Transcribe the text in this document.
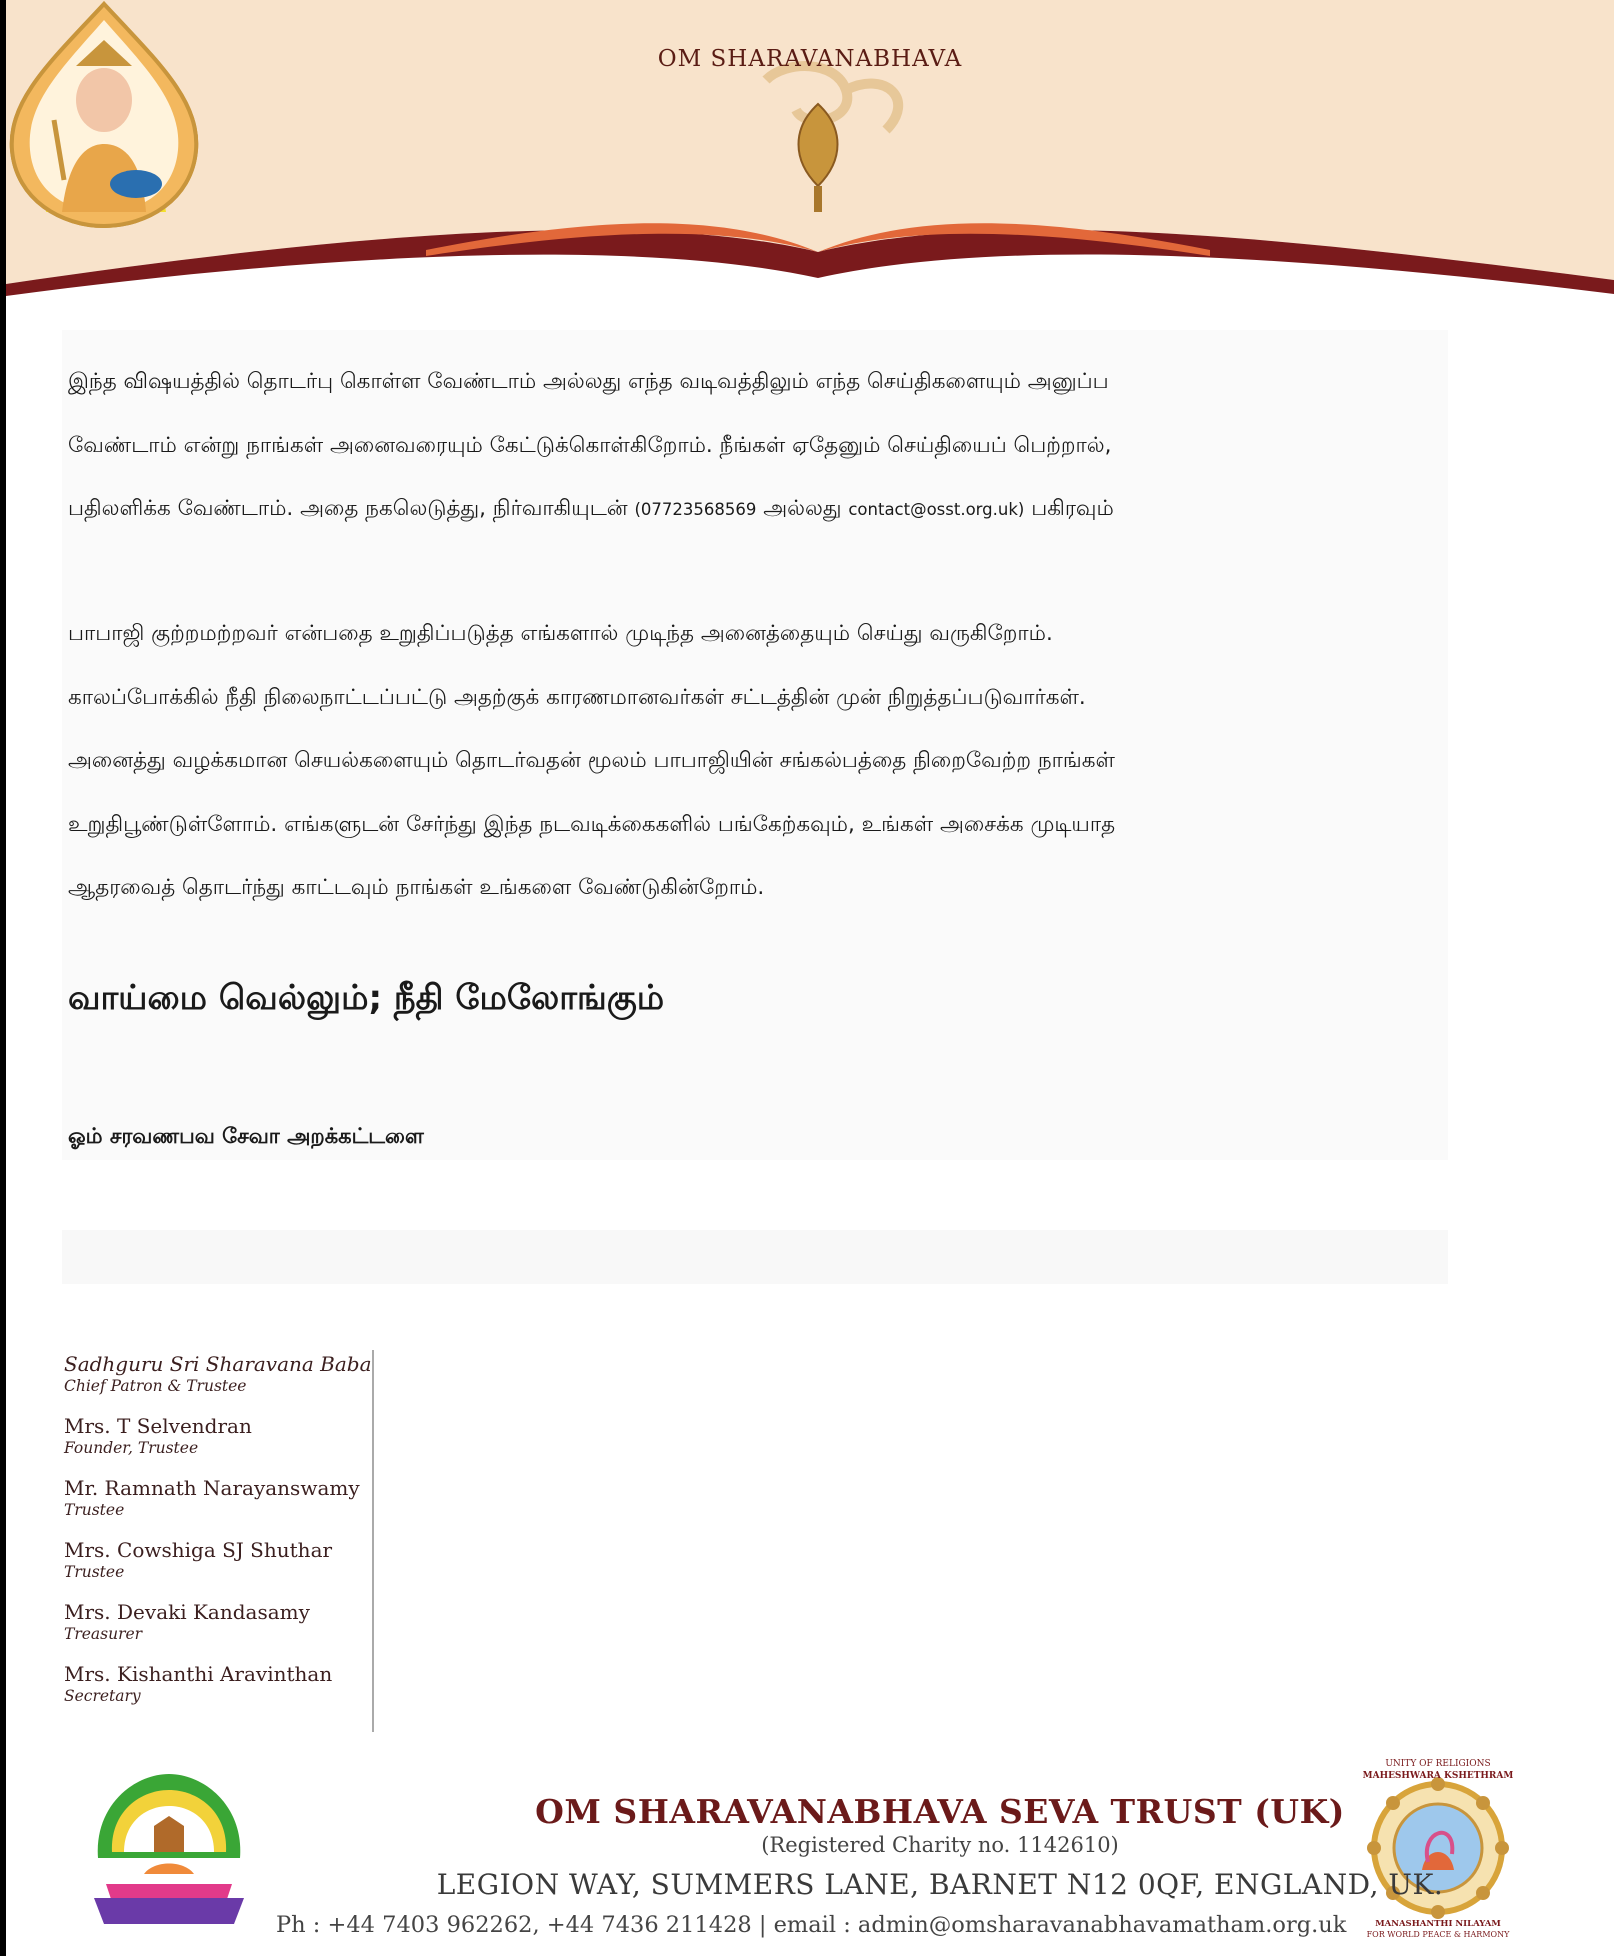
OM SHARAVANABHAVA
இந்த விஷயத்தில் தொடர்பு கொள்ள வேண்டாம் அல்லது எந்த வடிவத்திலும் எந்த செய்திகளையும் அனுப்ப
வேண்டாம் என்று நாங்கள் அனைவரையும் கேட்டுக்கொள்கிறோம். நீங்கள் ஏதேனும் செய்தியைப் பெற்றால்,
பதிலளிக்க வேண்டாம். அதை நகலெடுத்து, நிர்வாகியுடன் (07723568569 அல்லது contact@osst.org.uk) பகிரவும்
பாபாஜி குற்றமற்றவர் என்பதை உறுதிப்படுத்த எங்களால் முடிந்த அனைத்தையும் செய்து வருகிறோம்.
காலப்போக்கில் நீதி நிலைநாட்டப்பட்டு அதற்குக் காரணமானவர்கள் சட்டத்தின் முன் நிறுத்தப்படுவார்கள்.
அனைத்து வழக்கமான செயல்களையும் தொடர்வதன் மூலம் பாபாஜியின் சங்கல்பத்தை நிறைவேற்ற நாங்கள்
உறுதிபூண்டுள்ளோம். எங்களுடன் சேர்ந்து இந்த நடவடிக்கைகளில் பங்கேற்கவும், உங்கள் அசைக்க முடியாத
ஆதரவைத் தொடர்ந்து காட்டவும் நாங்கள் உங்களை வேண்டுகின்றோம்.
வாய்மை வெல்லும்; நீதி மேலோங்கும்
ஓம் சரவணபவ சேவா அறக்கட்டளை
Sadhguru Sri Sharavana Baba
Chief Patron & Trustee
Mrs. T Selvendran
Founder, Trustee
Mr. Ramnath Narayanswamy
Trustee
Mrs. Cowshiga SJ Shuthar
Trustee
Mrs. Devaki Kandasamy
Treasurer
Mrs. Kishanthi Aravinthan
Secretary
UNITY OF RELIGIONS
MAHESHWARA KSHETHRAM
MANASHANTHI NILAYAM
FOR WORLD PEACE & HARMONY
OM SHARAVANABHAVA SEVA TRUST (UK)
(Registered Charity no. 1142610)
LEGION WAY, SUMMERS LANE, BARNET N12 0QF, ENGLAND, UK.
Ph : +44 7403 962262, +44 7436 211428 | email : admin@omsharavanabhavamatham.org.uk
